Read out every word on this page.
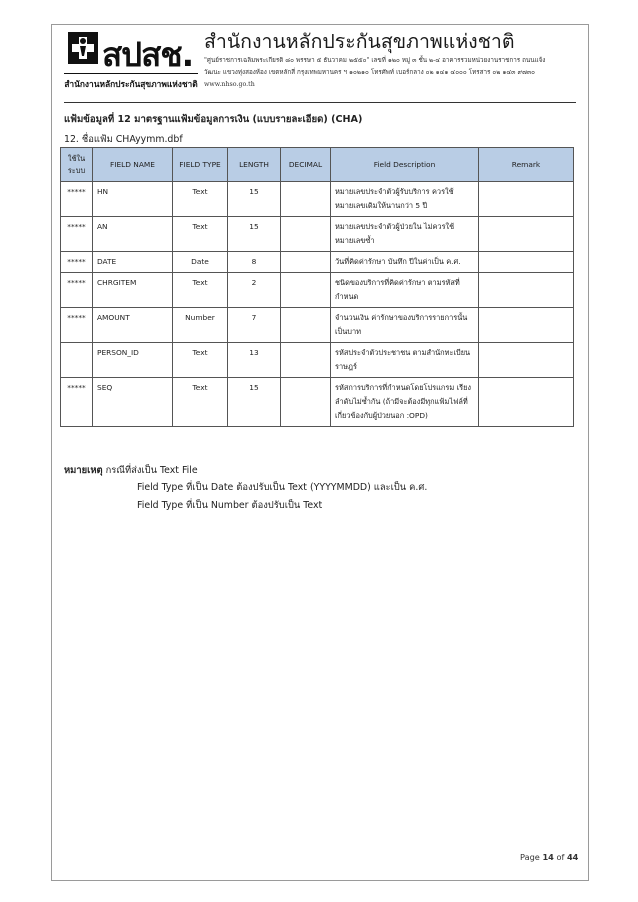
สปสช.
สำนักงานหลักประกันสุขภาพแห่งชาติ
สำนักงานหลักประกันสุขภาพแห่งชาติ
"ศูนย์ราชการเฉลิมพระเกียรติ ๘๐ พรรษา ๕ ธันวาคม ๒๕๕๐" เลขที่ ๑๒๐ หมู่ ๓ ชั้น ๒-๔ อาคารรวมหน่วยงานราชการ ถนนแจ้ง
วัฒนะ แขวงทุ่งสองห้อง เขตหลักสี่ กรุงเทพมหานคร ฯ ๑๐๒๑๐ โทรศัพท์ เบอร์กลาง ๐๒ ๑๔๑ ๔๐๐๐ โทรสาร ๐๒ ๑๔๓ ๙๗๓๐
www.nhso.go.th
แฟ้มข้อมูลที่ 12 มาตรฐานแฟ้มข้อมูลการเงิน (แบบรายละเอียด) (CHA)
12. ชื่อแฟ้ม CHAyymm.dbf
ใช้ใน ระบบ	FIELD NAME	FIELD TYPE	LENGTH	DECIMAL	Field Description	Remark
*****	HN	Text	15		หมายเลขประจำตัวผู้รับบริการ ควรใช้หมายเลขเดิมให้นานกว่า 5 ปี	
*****	AN	Text	15		หมายเลขประจำตัวผู้ป่วยใน ไม่ควรใช้หมายเลขซ้ำ	
*****	DATE	Date	8		วันที่คิดค่ารักษา บันทึก ปีในค่าเป็น ค.ศ.	
*****	CHRGITEM	Text	2		ชนิดของบริการที่คิดค่ารักษา ตามรหัสที่กำหนด	
*****	AMOUNT	Number	7		จำนวนเงิน ค่ารักษาของบริการรายการนั้นเป็นบาท	
	PERSON_ID	Text	13		รหัสประจำตัวประชาชน ตามสำนักทะเบียนราษฎร์	
*****	SEQ	Text	15		รหัสการบริการที่กำหนดโดยโปรแกรม เรียงลำดับไม่ซ้ำกัน (ถ้ามีจะต้องมีทุกแฟ้มไฟล์ที่เกี่ยวข้องกับผู้ป่วยนอก :OPD)	
หมายเหตุ กรณีที่ส่งเป็น Text File
Field Type ที่เป็น Date ต้องปรับเป็น Text (YYYYMMDD) และเป็น ค.ศ.
Field Type ที่เป็น Number ต้องปรับเป็น Text
Page 14 of 44
